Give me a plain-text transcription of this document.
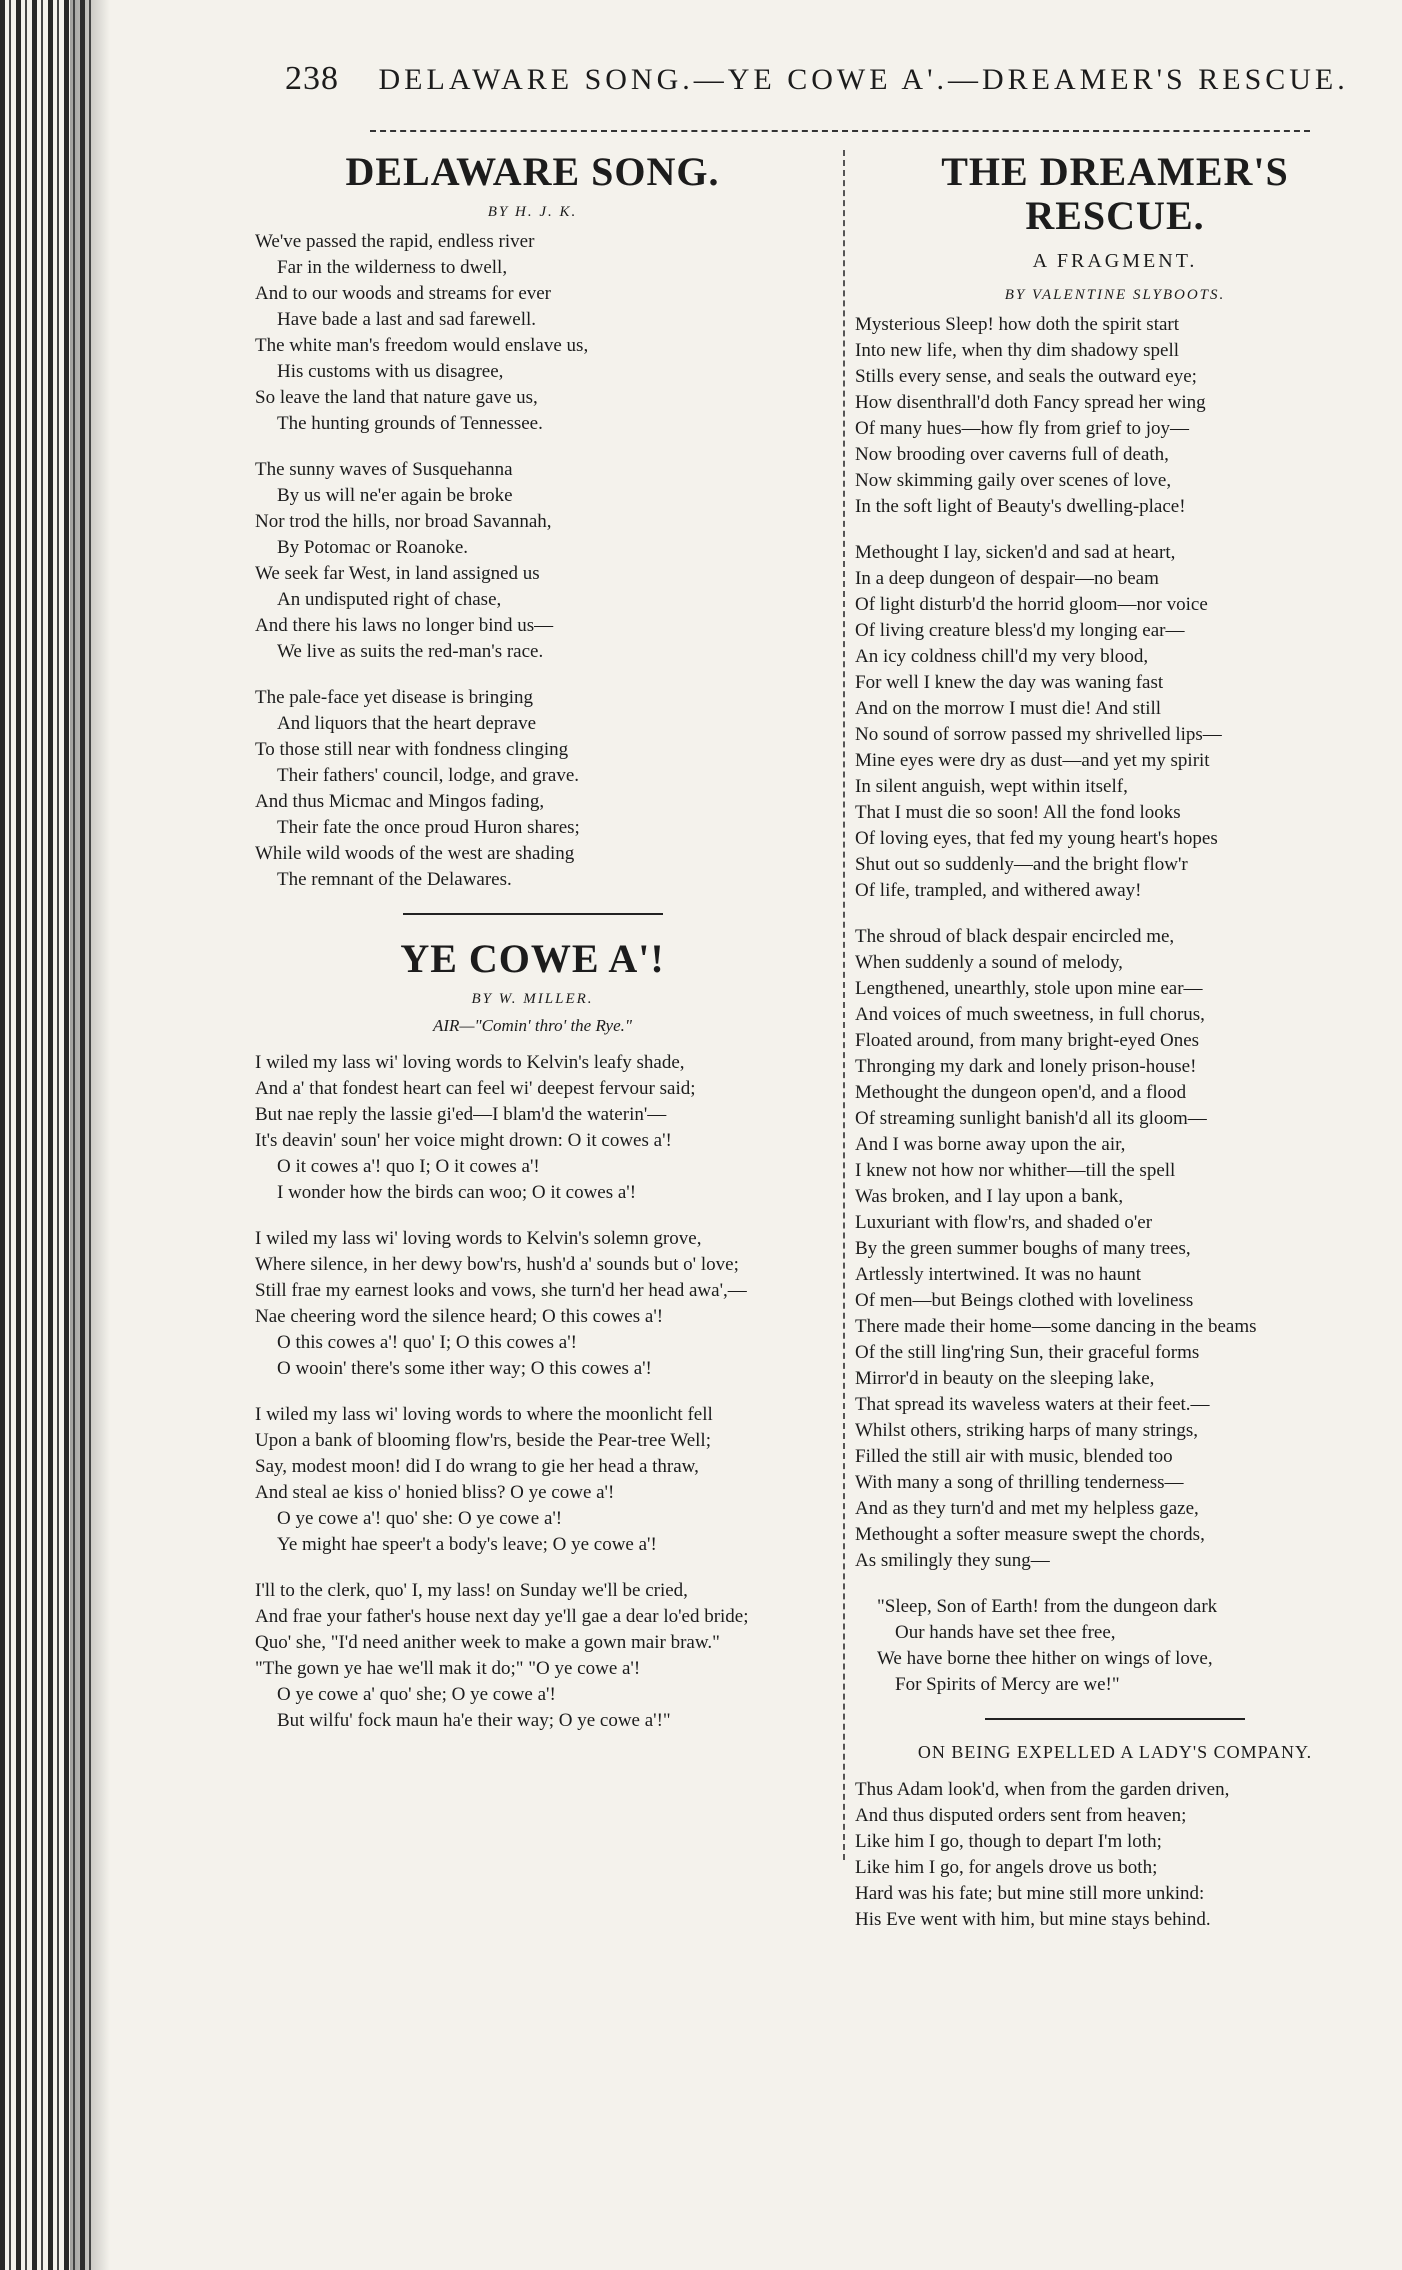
238 DELAWARE SONG.—YE COWE A'.—DREAMER'S RESCUE.
DELAWARE SONG.
BY H. J. K.
We've passed the rapid, endless river
Far in the wilderness to dwell,
And to our woods and streams for ever
Have bade a last and sad farewell.
The white man's freedom would enslave us,
His customs with us disagree,
So leave the land that nature gave us,
The hunting grounds of Tennessee.
The sunny waves of Susquehanna
By us will ne'er again be broke
Nor trod the hills, nor broad Savannah,
By Potomac or Roanoke.
We seek far West, in land assigned us
An undisputed right of chase,
And there his laws no longer bind us—
We live as suits the red-man's race.
The pale-face yet disease is bringing
And liquors that the heart deprave
To those still near with fondness clinging
Their fathers' council, lodge, and grave.
And thus Micmac and Mingos fading,
Their fate the once proud Huron shares;
While wild woods of the west are shading
The remnant of the Delawares.
YE COWE A'!
BY W. MILLER.
AIR—"Comin' thro' the Rye."
I wiled my lass wi' loving words to Kelvin's leafy shade,
And a' that fondest heart can feel wi' deepest fervour said;
But nae reply the lassie gi'ed—I blam'd the waterin'—
It's deavin' soun' her voice might drown: O it cowes a'!
O it cowes a'! quo I; O it cowes a'!
I wonder how the birds can woo; O it cowes a'!
I wiled my lass wi' loving words to Kelvin's solemn grove,
Where silence, in her dewy bow'rs, hush'd a' sounds but o' love;
Still frae my earnest looks and vows, she turn'd her head awa',—
Nae cheering word the silence heard; O this cowes a'!
O this cowes a'! quo' I; O this cowes a'!
O wooin' there's some ither way; O this cowes a'!
I wiled my lass wi' loving words to where the moonlicht fell
Upon a bank of blooming flow'rs, beside the Pear-tree Well;
Say, modest moon! did I do wrang to gie her head a thraw,
And steal ae kiss o' honied bliss? O ye cowe a'!
O ye cowe a'! quo' she: O ye cowe a'!
Ye might hae speer't a body's leave; O ye cowe a'!
I'll to the clerk, quo' I, my lass! on Sunday we'll be cried,
And frae your father's house next day ye'll gae a dear lo'ed bride;
Quo' she, "I'd need anither week to make a gown mair braw."
"The gown ye hae we'll mak it do;" "O ye cowe a'!
O ye cowe a' quo' she; O ye cowe a'!
But wilfu' fock maun ha'e their way; O ye cowe a'!"
THE DREAMER'S RESCUE.
A FRAGMENT.
BY VALENTINE SLYBOOTS.
Mysterious Sleep! how doth the spirit start
Into new life, when thy dim shadowy spell
Stills every sense, and seals the outward eye;
How disenthrall'd doth Fancy spread her wing
Of many hues—how fly from grief to joy—
Now brooding over caverns full of death,
Now skimming gaily over scenes of love,
In the soft light of Beauty's dwelling-place!
Methought I lay, sicken'd and sad at heart,
In a deep dungeon of despair—no beam
Of light disturb'd the horrid gloom—nor voice
Of living creature bless'd my longing ear—
An icy coldness chill'd my very blood,
For well I knew the day was waning fast
And on the morrow I must die! And still
No sound of sorrow passed my shrivelled lips—
Mine eyes were dry as dust—and yet my spirit
In silent anguish, wept within itself,
That I must die so soon! All the fond looks
Of loving eyes, that fed my young heart's hopes
Shut out so suddenly—and the bright flow'r
Of life, trampled, and withered away!
The shroud of black despair encircled me,
When suddenly a sound of melody,
Lengthened, unearthly, stole upon mine ear—
And voices of much sweetness, in full chorus,
Floated around, from many bright-eyed Ones
Thronging my dark and lonely prison-house!
Methought the dungeon open'd, and a flood
Of streaming sunlight banish'd all its gloom—
And I was borne away upon the air,
I knew not how nor whither—till the spell
Was broken, and I lay upon a bank,
Luxuriant with flow'rs, and shaded o'er
By the green summer boughs of many trees,
Artlessly intertwined. It was no haunt
Of men—but Beings clothed with loveliness
There made their home—some dancing in the beams
Of the still ling'ring Sun, their graceful forms
Mirror'd in beauty on the sleeping lake,
That spread its waveless waters at their feet.—
Whilst others, striking harps of many strings,
Filled the still air with music, blended too
With many a song of thrilling tenderness—
And as they turn'd and met my helpless gaze,
Methought a softer measure swept the chords,
As smilingly they sung—
"Sleep, Son of Earth! from the dungeon dark
Our hands have set thee free,
We have borne thee hither on wings of love,
For Spirits of Mercy are we!"
ON BEING EXPELLED A LADY'S COMPANY.
Thus Adam look'd, when from the garden driven,
And thus disputed orders sent from heaven;
Like him I go, though to depart I'm loth;
Like him I go, for angels drove us both;
Hard was his fate; but mine still more unkind:
His Eve went with him, but mine stays behind.
